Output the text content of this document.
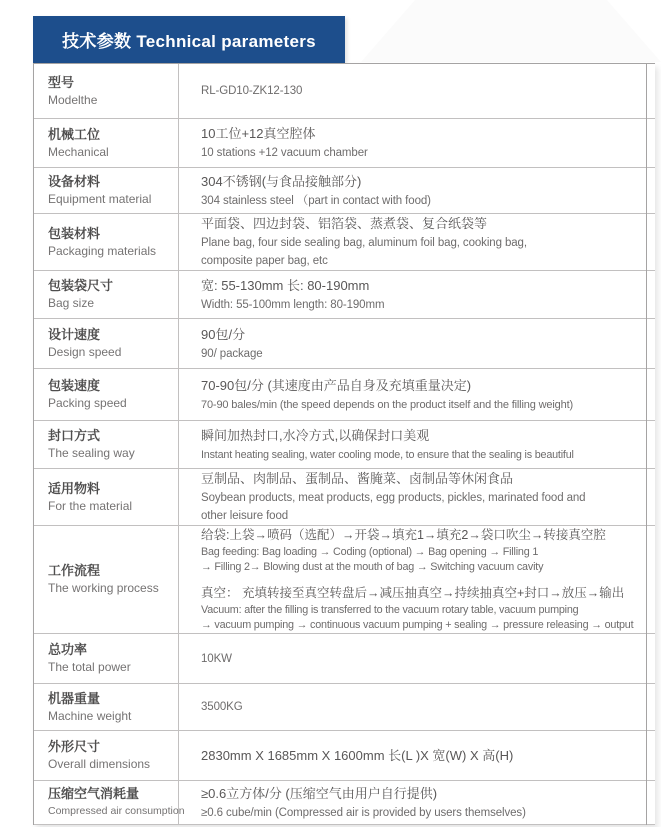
技术参数 Technical parameters
型号
Modelthe
RL-GD10-ZK12-130
机械工位
Mechanical
10工位+12真空腔体
10 stations +12 vacuum chamber
设备材料
Equipment material
304不锈钢(与食品接触部分)
304 stainless steel （part in contact with food)
包装材料
Packaging materials
平面袋、四边封袋、铝箔袋、蒸煮袋、复合纸袋等
Plane bag, four side sealing bag, aluminum foil bag, cooking bag,
composite paper bag, etc
包装袋尺寸
Bag size
宽: 55-130mm 长: 80-190mm
Width: 55-100mm length: 80-190mm
设计速度
Design speed
90包/分
90/ package
包装速度
Packing speed
70-90包/分 (其速度由产品自身及充填重量决定)
70-90 bales/min (the speed depends on the product itself and the filling weight)
封口方式
The sealing way
瞬间加热封口,水冷方式,以确保封口美观
Instant heating sealing, water cooling mode, to ensure that the sealing is beautiful
适用物料
For the material
豆制品、肉制品、蛋制品、酱腌菜、卤制品等休闲食品
Soybean products, meat products, egg products, pickles, marinated food and
other leisure food
工作流程
The working process
给袋:上袋→喷码（选配）→开袋→填充1→填充2→袋口吹尘→转接真空腔
Bag feeding: Bag loading → Coding (optional) → Bag opening → Filling 1
→ Filling 2→ Blowing dust at the mouth of bag → Switching vacuum cavity
真空： 充填转接至真空转盘后→减压抽真空→持续抽真空+封口→放压→输出
Vacuum: after the filling is transferred to the vacuum rotary table, vacuum pumping
→ vacuum pumping → continuous vacuum pumping + sealing → pressure releasing → output
总功率
The total power
10KW
机器重量
Machine weight
3500KG
外形尺寸
Overall dimensions
2830mm X 1685mm X 1600mm 长(L )X 宽(W) X 高(H)
压缩空气消耗量
Compressed air consumption
≥0.6立方体/分 (压缩空气由用户自行提供)
≥0.6 cube/min (Compressed air is provided by users themselves)
